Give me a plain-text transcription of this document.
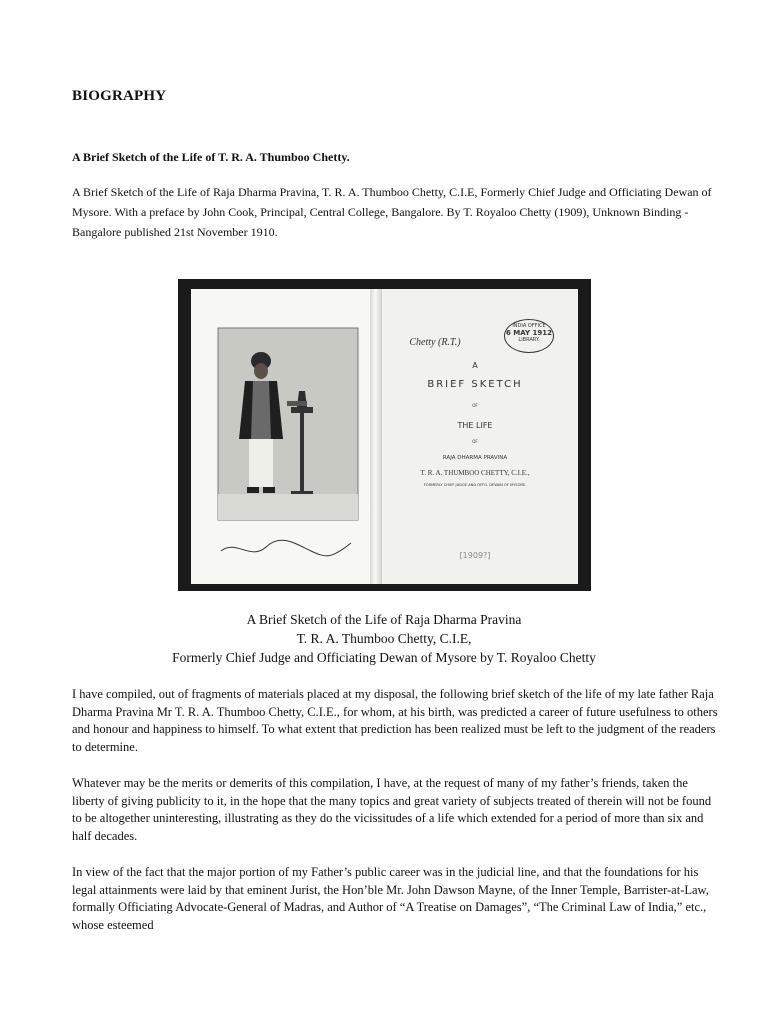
BIOGRAPHY
A Brief Sketch of the Life of T. R. A. Thumboo Chetty.
A Brief Sketch of the Life of Raja Dharma Pravina, T. R. A. Thumboo Chetty, C.I.E, Formerly Chief Judge and Officiating Dewan of Mysore. With a preface by John Cook, Principal, Central College, Bangalore. By T. Royaloo Chetty (1909), Unknown Binding - Bangalore published 21st November 1910.
Chetty (R.T.)
INDIA OFFICE
6 MAY 1912
LIBRARY.
A
BRIEF SKETCH
OF
THE LIFE
OF
RAJA DHARMA PRAVINA
T. R. A. THUMBOO CHETTY, C.I.E.,
FORMERLY CHIEF JUDGE AND OFFG. DEWAN OF MYSORE.
[1909?]
A Brief Sketch of the Life of Raja Dharma Pravina
T. R. A. Thumboo Chetty, C.I.E,
Formerly Chief Judge and Officiating Dewan of Mysore by T. Royaloo Chetty
I have compiled, out of fragments of materials placed at my disposal, the following brief sketch of the life of my late father Raja Dharma Pravina Mr T. R. A. Thumboo Chetty, C.I.E., for whom, at his birth, was predicted a career of future usefulness to others and honour and happiness to himself. To what extent that prediction has been realized must be left to the judgment of the readers to determine.
Whatever may be the merits or demerits of this compilation, I have, at the request of many of my father’s friends, taken the liberty of giving publicity to it, in the hope that the many topics and great variety of subjects treated of therein will not be found to be altogether uninteresting, illustrating as they do the vicissitudes of a life which extended for a period of more than six and half decades.
In view of the fact that the major portion of my Father’s public career was in the judicial line, and that the foundations for his legal attainments were laid by that eminent Jurist, the Hon’ble Mr. John Dawson Mayne, of the Inner Temple, Barrister-at-Law, formally Officiating Advocate-General of Madras, and Author of “A Treatise on Damages”, “The Criminal Law of India,” etc., whose esteemed
